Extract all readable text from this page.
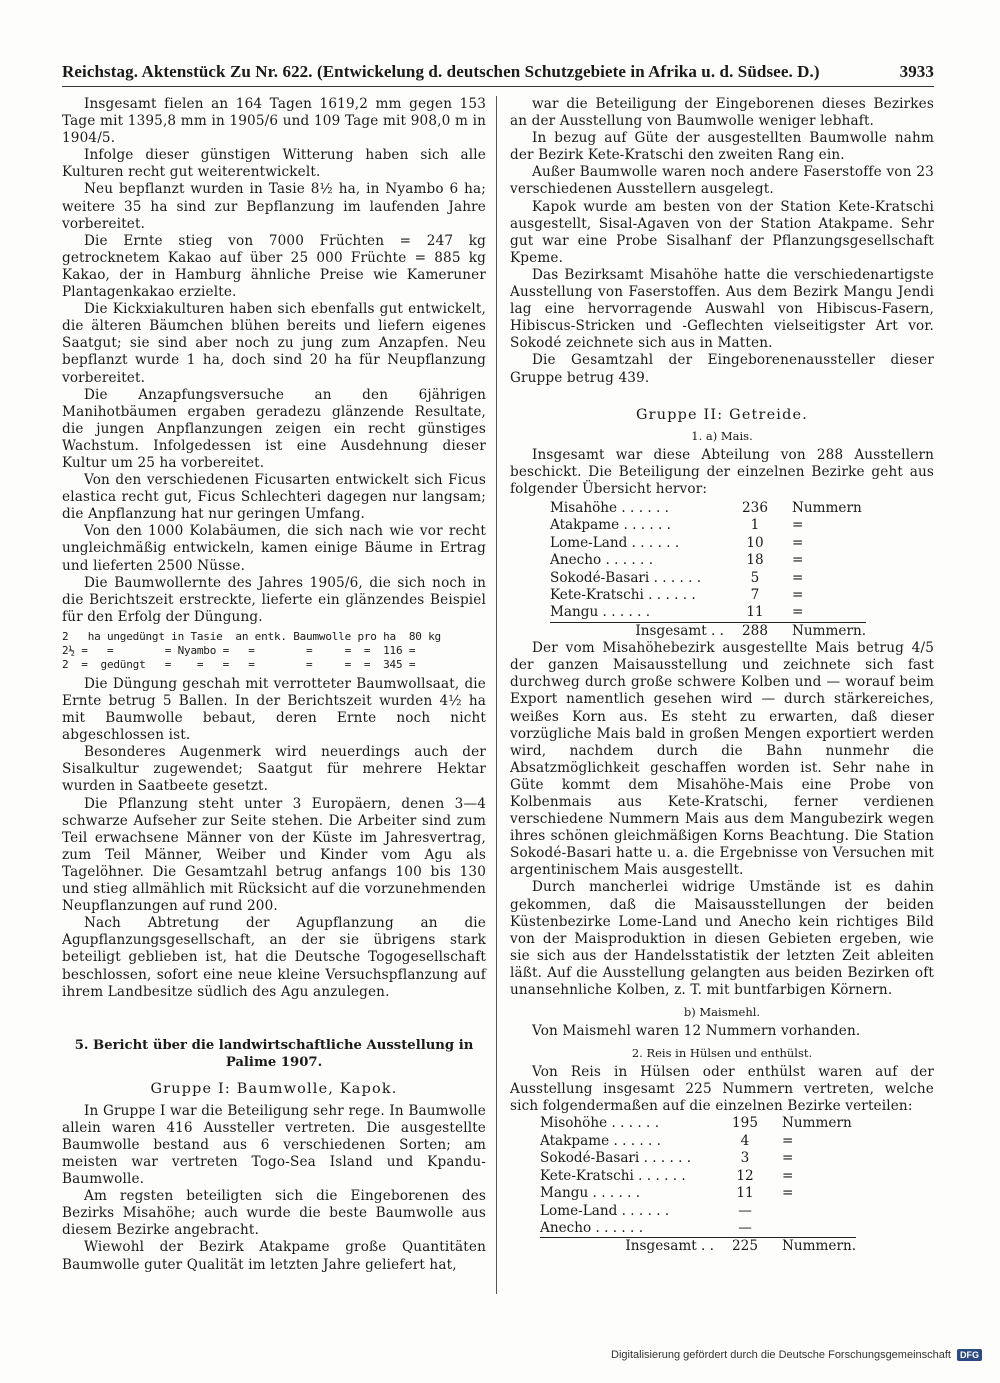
Reichstag. Aktenstück Zu Nr. 622. (Entwickelung d. deutschen Schutzgebiete in Afrika u. d. Südsee. D.)	3933

Insgesamt fielen an 164 Tagen 1619,2 mm gegen 153 Tage mit 1395,8 mm in 1905/6 und 109 Tage mit 908,0 m in 1904/5.

Infolge dieser günstigen Witterung haben sich alle Kulturen recht gut weiterentwickelt.

Neu bepflanzt wurden in Tasie 8½ ha, in Nyambo 6 ha; weitere 35 ha sind zur Bepflanzung im laufenden Jahre vorbereitet.

Die Ernte stieg von 7000 Früchten = 247 kg getrocknetem Kakao auf über 25 000 Früchte = 885 kg Kakao, der in Hamburg ähnliche Preise wie Kameruner Plantagenkakao erzielte.

Die Kickxiakulturen haben sich ebenfalls gut entwickelt, die älteren Bäumchen blühen bereits und liefern eigenes Saatgut; sie sind aber noch zu jung zum Anzapfen. Neu bepflanzt wurde 1 ha, doch sind 20 ha für Neupflanzung vorbereitet.

Die Anzapfungsversuche an den 6jährigen Manihotbäumen ergaben geradezu glänzende Resultate, die jungen Anpflanzungen zeigen ein recht günstiges Wachstum. Infolgedessen ist eine Ausdehnung dieser Kultur um 25 ha vorbereitet.

Von den verschiedenen Ficusarten entwickelt sich Ficus elastica recht gut, Ficus Schlechteri dagegen nur langsam; die Anpflanzung hat nur geringen Umfang.

Von den 1000 Kolabäumen, die sich nach wie vor recht ungleichmäßig entwickeln, kamen einige Bäume in Ertrag und lieferten 2500 Nüsse.

Die Baumwollernte des Jahres 1905/6, die sich noch in die Berichtszeit erstreckte, lieferte ein glänzendes Beispiel für den Erfolg der Düngung.

2   ha ungedüngt in Tasie  an entk. Baumwolle pro ha  80 kg
2½ =   =        = Nyambo =   =        =     =  =  116 =
2  =  gedüngt   =    =   =   =        =     =  =  345 =

Die Düngung geschah mit verrotteter Baumwollsaat, die Ernte betrug 5 Ballen. In der Berichtszeit wurden 4½ ha mit Baumwolle bebaut, deren Ernte noch nicht abgeschlossen ist.

Besonderes Augenmerk wird neuerdings auch der Sisalkultur zugewendet; Saatgut für mehrere Hektar wurden in Saatbeete gesetzt.

Die Pflanzung steht unter 3 Europäern, denen 3—4 schwarze Aufseher zur Seite stehen. Die Arbeiter sind zum Teil erwachsene Männer von der Küste im Jahresvertrag, zum Teil Männer, Weiber und Kinder vom Agu als Tagelöhner. Die Gesamtzahl betrug anfangs 100 bis 130 und stieg allmählich mit Rücksicht auf die vorzunehmenden Neupflanzungen auf rund 200.

Nach Abtretung der Agupflanzung an die Agupflanzungsgesellschaft, an der sie übrigens stark beteiligt geblieben ist, hat die Deutsche Togogesellschaft beschlossen, sofort eine neue kleine Versuchspflanzung auf ihrem Landbesitze südlich des Agu anzulegen.

5. Bericht über die landwirtschaftliche Ausstellung in Palime 1907.
Gruppe I: Baumwolle, Kapok.

In Gruppe I war die Beteiligung sehr rege. In Baumwolle allein waren 416 Aussteller vertreten. Die ausgestellte Baumwolle bestand aus 6 verschiedenen Sorten; am meisten war vertreten Togo-Sea Island und Kpandu-Baumwolle.

Am regsten beteiligten sich die Eingeborenen des Bezirks Misahöhe; auch wurde die beste Baumwolle aus diesem Bezirke angebracht.

Wiewohl der Bezirk Atakpame große Quantitäten Baumwolle guter Qualität im letzten Jahre geliefert hat,

war die Beteiligung der Eingeborenen dieses Bezirkes an der Ausstellung von Baumwolle weniger lebhaft.

In bezug auf Güte der ausgestellten Baumwolle nahm der Bezirk Kete-Kratschi den zweiten Rang ein.

Außer Baumwolle waren noch andere Faserstoffe von 23 verschiedenen Ausstellern ausgelegt.

Kapok wurde am besten von der Station Kete-Kratschi ausgestellt, Sisal-Agaven von der Station Atakpame. Sehr gut war eine Probe Sisalhanf der Pflanzungsgesellschaft Kpeme.

Das Bezirksamt Misahöhe hatte die verschiedenartigste Ausstellung von Faserstoffen. Aus dem Bezirk Mangu Jendi lag eine hervorragende Auswahl von Hibiscus-Fasern, Hibiscus-Stricken und -Geflechten vielseitigster Art vor. Sokodé zeichnete sich aus in Matten.

Die Gesamtzahl der Eingeborenenaussteller dieser Gruppe betrug 439.

Gruppe II: Getreide.
1. a) Mais.

Insgesamt war diese Abteilung von 288 Ausstellern beschickt. Die Beteiligung der einzelnen Bezirke geht aus folgender Übersicht hervor:

Misahöhe . . . . . .	236	Nummern
Atakpame . . . . . .	1	=
Lome-Land . . . . . .	10	=
Anecho . . . . . .	18	=
Sokodé-Basari . . . . . .	5	=
Kete-Kratschi . . . . . .	7	=
Mangu . . . . . .	11	=

Insgesamt . .	288	Nummern.

Der vom Misahöhebezirk ausgestellte Mais betrug 4/5 der ganzen Maisausstellung und zeichnete sich fast durchweg durch große schwere Kolben und — worauf beim Export namentlich gesehen wird — durch stärkereiches, weißes Korn aus. Es steht zu erwarten, daß dieser vorzügliche Mais bald in großen Mengen exportiert werden wird, nachdem durch die Bahn nunmehr die Absatzmöglichkeit geschaffen worden ist. Sehr nahe in Güte kommt dem Misahöhe-Mais eine Probe von Kolbenmais aus Kete-Kratschi, ferner verdienen verschiedene Nummern Mais aus dem Mangubezirk wegen ihres schönen gleichmäßigen Korns Beachtung. Die Station Sokodé-Basari hatte u. a. die Ergebnisse von Versuchen mit argentinischem Mais ausgestellt.

Durch mancherlei widrige Umstände ist es dahin gekommen, daß die Maisausstellungen der beiden Küstenbezirke Lome-Land und Anecho kein richtiges Bild von der Maisproduktion in diesen Gebieten ergeben, wie sie sich aus der Handelsstatistik der letzten Zeit ableiten läßt. Auf die Ausstellung gelangten aus beiden Bezirken oft unansehnliche Kolben, z. T. mit buntfarbigen Körnern.

b) Maismehl.

Von Maismehl waren 12 Nummern vorhanden.

2. Reis in Hülsen und enthülst.

Von Reis in Hülsen oder enthülst waren auf der Ausstellung insgesamt 225 Nummern vertreten, welche sich folgendermaßen auf die einzelnen Bezirke verteilen:

Misohöhe . . . . . .	195	Nummern
Atakpame . . . . . .	4	=
Sokodé-Basari . . . . . .	3	=
Kete-Kratschi . . . . . .	12	=
Mangu . . . . . .	11	=
Lome-Land . . . . . .	—	
Anecho . . . . . .	—	

Insgesamt . .	225	Nummern.
Digitalisierung gefördert durch die Deutsche Forschungsgemeinschaft	DFG
